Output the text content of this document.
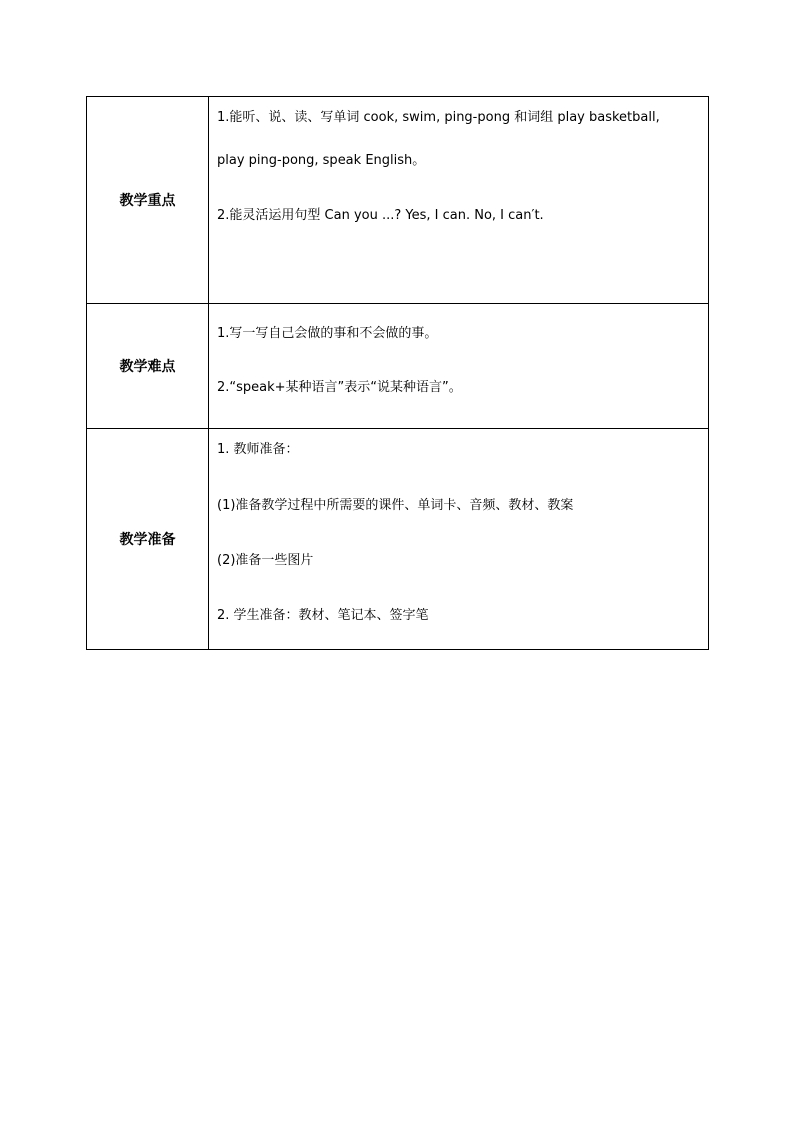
教学重点	1.能听、说、读、写单词 cook, swim, ping-pong 和词组 play basketball,
play ping-pong, speak English。
2.能灵活运用句型 Can you ...? Yes, I can. No, I can′t.

教学难点	1.写一写自己会做的事和不会做的事。
2.“speak+某种语言”表示“说某种语言”。

教学准备	1. 教师准备：
(1)准备教学过程中所需要的课件、单词卡、音频、教材、教案
(2)准备一些图片
2. 学生准备：教材、笔记本、签字笔
